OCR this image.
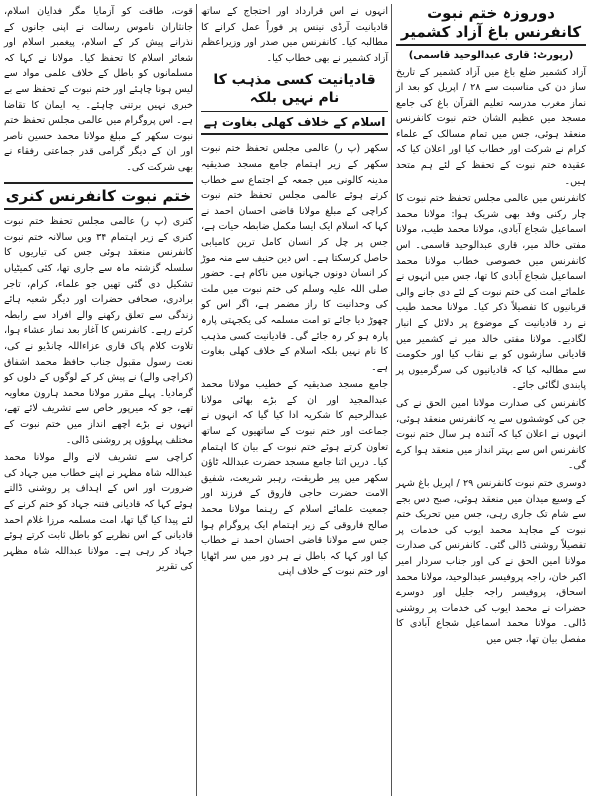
دوروزہ ختم نبوت کانفرنس باغ آزاد کشمیر
(رپورٹ: قاری عبدالوحید قاسمی)

آزاد کشمیر ضلع باغ میں آزاد کشمیر کے تاریخ ساز دن کی مناسبت سے ۲۸ / اپریل کو بعد از نماز مغرب مدرسہ تعلیم القرآن باغ کی جامع مسجد میں عظیم الشان ختم نبوت کانفرنس منعقد ہوئی، جس میں تمام مسالک کے علماء کرام نے شرکت اور خطاب کیا اور اعلان کیا کہ عقیدہ ختم نبوت کے تحفظ کے لئے ہم متحد ہیں۔

کانفرنس میں عالمی مجلس تحفظ ختم نبوت کا چار رکنی وفد بھی شریک ہوا: مولانا محمد اسماعیل شجاع آبادی، مولانا محمد طیب، مولانا مفتی خالد میر، قاری عبدالوحید قاسمی۔ اس کانفرنس میں خصوصی خطاب مولانا محمد اسماعیل شجاع آبادی کا تھا، جس میں انہوں نے علمائے امت کی ختم نبوت کے لئے دی جانے والی قربانیوں کا تفصیلاً ذکر کیا۔ مولانا محمد طیب نے رد قادیانیت کے موضوع پر دلائل کے انبار لگادیے۔ مولانا مفتی خالد میر نے کشمیر میں قادیانی سازشوں کو بے نقاب کیا اور حکومت سے مطالبہ کیا کہ قادیانیوں کی سرگرمیوں پر پابندی لگائی جائے۔

کانفرنس کی صدارت مولانا امین الحق نے کی جن کی کوششوں سے یہ کانفرنس منعقد ہوئی، انہوں نے اعلان کیا کہ آئندہ ہر سال ختم نبوت کانفرنس اس سے بہتر انداز میں منعقد ہوا کرے گی۔

دوسری ختم نبوت کانفرنس ۲۹ / اپریل باغ شہر کے وسیع میدان میں منعقد ہوئی، صبح دس بجے سے شام تک جاری رہی، جس میں تحریک ختم نبوت کے مجاہد محمد ایوب کی خدمات پر تفصیلاً روشنی ڈالی گئی۔ کانفرنس کی صدارت مولانا امین الحق نے کی اور جناب سردار امیر اکبر خان، راجہ پروفیسر عبدالوحید، مولانا محمد اسحاق، پروفیسر راجہ جلیل اور دوسرے حضرات نے محمد ایوب کی خدمات پر روشنی ڈالی۔ مولانا محمد اسماعیل شجاع آبادی کا مفصل بیان تھا، جس میں

انہوں نے اس قرارداد اور احتجاج کے ساتھ قادیانیت آرڈی نینس پر فوراً عمل کرانے کا مطالبہ کیا۔ کانفرنس میں صدر اور وزیراعظم آزاد کشمیر نے بھی خطاب کیا۔

قادیانیت کسی مذہب کا نام نہیں بلکہ
اسلام کے خلاف کھلی بغاوت ہے

سکھر (پ ر) عالمی مجلس تحفظ ختم نبوت سکھر کے زیر اہتمام جامع مسجد صدیقیہ مدینہ کالونی میں جمعہ کے اجتماع سے خطاب کرتے ہوئے عالمی مجلس تحفظ ختم نبوت کراچی کے مبلغ مولانا قاضی احسان احمد نے کہا کہ اسلام ایک ایسا مکمل ضابطہ حیات ہے، جس پر چل کر انسان کامل ترین کامیابی حاصل کرسکتا ہے۔ اس دین حنیف سے منہ موڑ کر انسان دونوں جہانوں میں ناکام ہے۔ حضور صلی اللہ علیہ وسلم کی ختم نبوت میں ملت کی وحدانیت کا راز مضمر ہے، اگر اس کو چھوڑ دیا جائے تو امت مسلمہ کی یکجہتی پارہ پارہ ہو کر رہ جائے گی۔ قادیانیت کسی مذہب کا نام نہیں بلکہ اسلام کے خلاف کھلی بغاوت ہے۔

جامع مسجد صدیقیہ کے خطیب مولانا محمد عبدالمجید اور ان کے بڑے بھائی مولانا عبدالرحیم کا شکریہ ادا کیا گیا کہ انہوں نے جماعت اور ختم نبوت کے ساتھیوں کے ساتھ تعاون کرتے ہوئے ختم نبوت کے بیان کا اہتمام کیا۔ دریں اثنا جامع مسجد حضرت عبداللہ ٹاؤن سکھر میں پیر طریقت، رہبر شریعت، شفیق الامت حضرت حاجی فاروق کے فرزند اور جمعیت علمائے اسلام کے رہنما مولانا محمد صالح فاروقی کے زیر اہتمام ایک پروگرام ہوا جس سے مولانا قاضی احسان احمد نے خطاب کیا اور کہا کہ باطل نے ہر دور میں سر اٹھایا اور ختم نبوت کے خلاف اپنی

قوت، طاقت کو آزمایا مگر فدایان اسلام، جانثاران ناموس رسالت نے اپنی جانوں کے نذرانے پیش کر کے اسلام، پیغمبر اسلام اور شعائر اسلام کا تحفظ کیا۔ مولانا نے کہا کہ مسلمانوں کو باطل کے خلاف علمی مواد سے لیس ہونا چاہئے اور ختم نبوت کے تحفظ سے بے خبری نہیں برتنی چاہئے۔ یہ ایمان کا تقاضا ہے۔ اس پروگرام میں عالمی مجلس تحفظ ختم نبوت سکھر کے مبلغ مولانا محمد حسین ناصر اور ان کے دیگر گرامی قدر جماعتی رفقاء نے بھی شرکت کی۔

ختم نبوت کانفرنس کنری

کنری (پ ر) عالمی مجلس تحفظ ختم نبوت کنری کے زیر اہتمام ۳۴ ویں سالانہ ختم نبوت کانفرنس منعقد ہوئی جس کی تیاریوں کا سلسلہ گزشتہ ماہ سے جاری تھا، کئی کمیٹیاں تشکیل دی گئی تھیں جو علماء، کرام، تاجر برادری، صحافی حضرات اور دیگر شعبہ ہائے زندگی سے تعلق رکھنے والے افراد سے رابطہ کرتے رہے۔ کانفرنس کا آغاز بعد نماز عشاء ہوا، تلاوت کلام پاک قاری عزاءاللہ چانڈیو نے کی، نعت رسول مقبول جناب حافظ محمد اشفاق (کراچی والے) نے پیش کر کے لوگوں کے دلوں کو گرمادیا۔ پہلے مقرر مولانا محمد ہارون معاویہ تھے، جو کہ میرپور خاص سے تشریف لائے تھے، انہوں نے بڑے اچھے انداز میں ختم نبوت کے مختلف پہلوؤں پر روشنی ڈالی۔

کراچی سے تشریف لانے والے مولانا محمد عبداللہ شاہ مظہر نے اپنے خطاب میں جہاد کی ضرورت اور اس کے اہداف پر روشنی ڈالتے ہوئے کہا کہ قادیانی فتنہ جہاد کو ختم کرنے کے لئے پیدا کیا گیا تھا، امت مسلمہ مرزا غلام احمد قادیانی کے اس نظریے کو باطل ثابت کرتے ہوئے جہاد کر رہی ہے۔ مولانا عبداللہ شاہ مظہر کی تقریر
